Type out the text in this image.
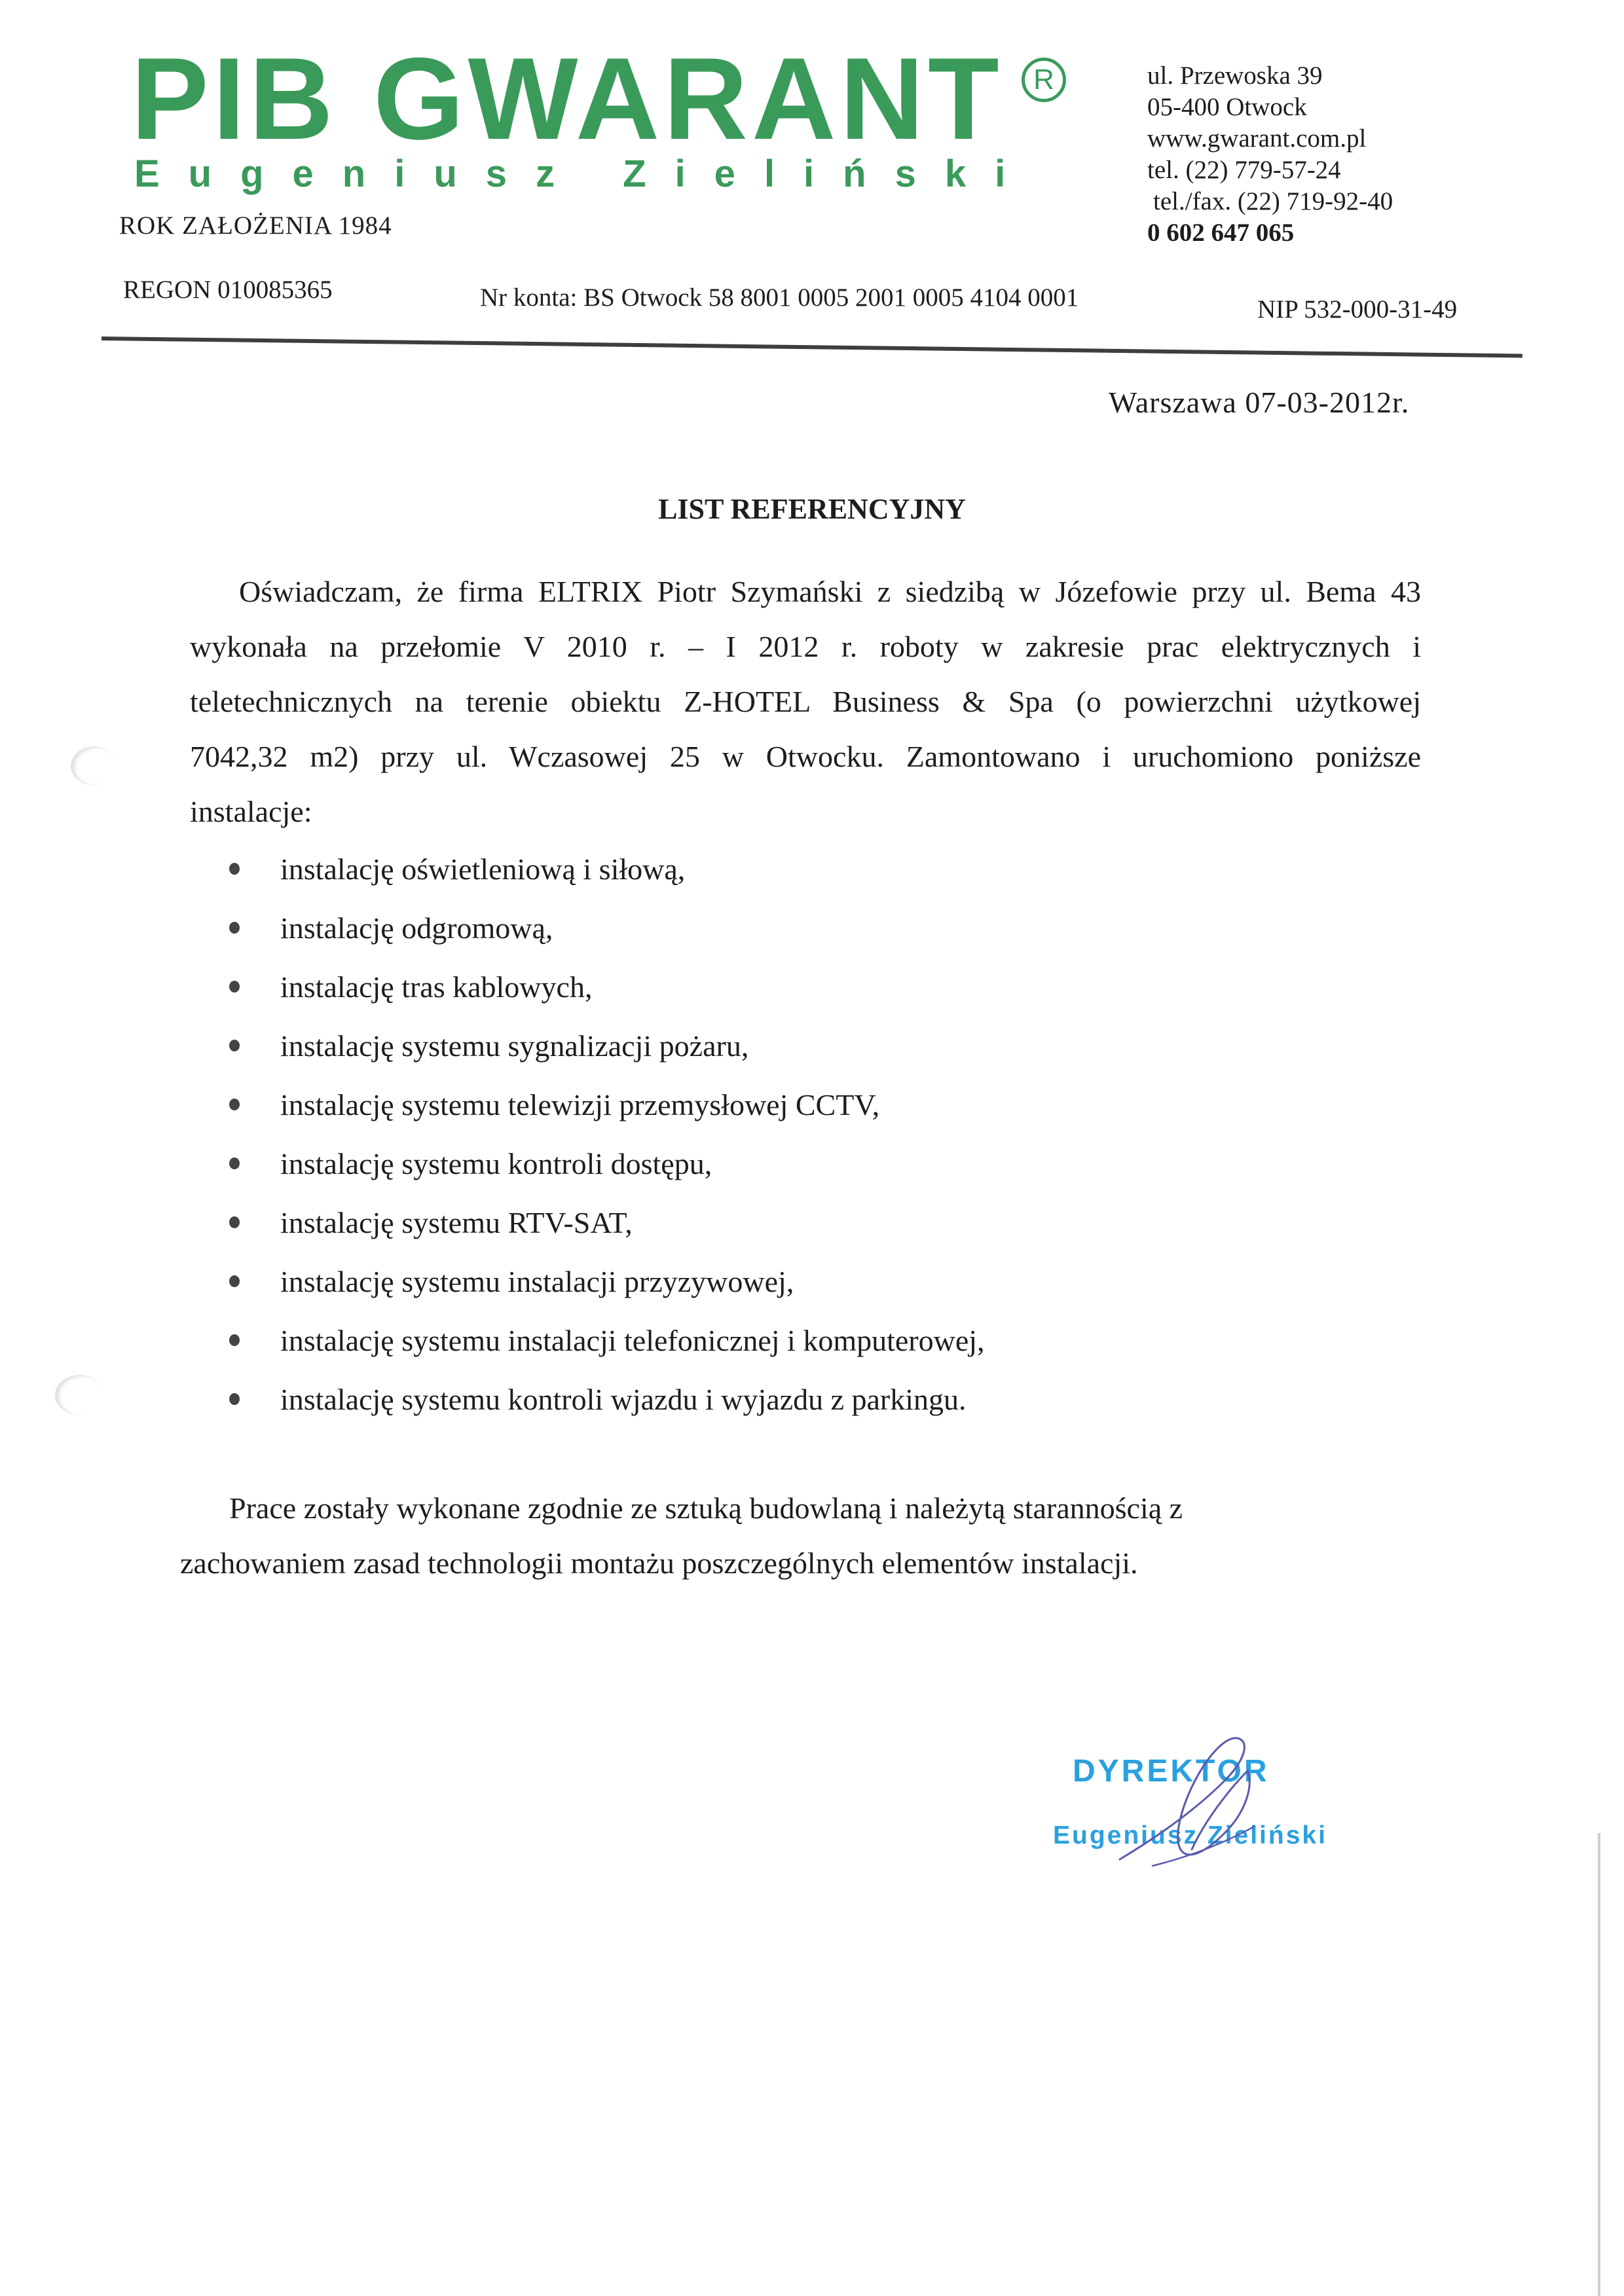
PIB GWARANT	R
Eugeniusz Zieliński
ROK ZAŁOŻENIA 1984
ul. Przewoska 39
05-400 Otwock
www.gwarant.com.pl
tel. (22) 779-57-24
tel./fax. (22) 719-92-40
0 602 647 065
REGON 010085365	Nr konta: BS Otwock 58 8001 0005 2001 0005 4104 0001	NIP 532-000-31-49
Warszawa 07-03-2012r.
LIST REFERENCYJNY
Oświadczam, że firma ELTRIX Piotr Szymański z siedzibą w Józefowie przy ul. Bema 43
wykonała na przełomie V 2010 r. – I 2012 r. roboty w zakresie prac elektrycznych i
teletechnicznych na terenie obiektu Z-HOTEL Business & Spa (o powierzchni użytkowej
7042,32 m2) przy ul. Wczasowej 25 w Otwocku. Zamontowano i uruchomiono poniższe
instalacje:
instalację oświetleniową i siłową,
instalację odgromową,
instalację tras kablowych,
instalację systemu sygnalizacji pożaru,
instalację systemu telewizji przemysłowej CCTV,
instalację systemu kontroli dostępu,
instalację systemu RTV-SAT,
instalację systemu instalacji przyzywowej,
instalację systemu instalacji telefonicznej i komputerowej,
instalację systemu kontroli wjazdu i wyjazdu z parkingu.
Prace zostały wykonane zgodnie ze sztuką budowlaną i należytą starannością z
zachowaniem zasad technologii montażu poszczególnych elementów instalacji.
DYREKTOR
Eugeniusz Zieliński
